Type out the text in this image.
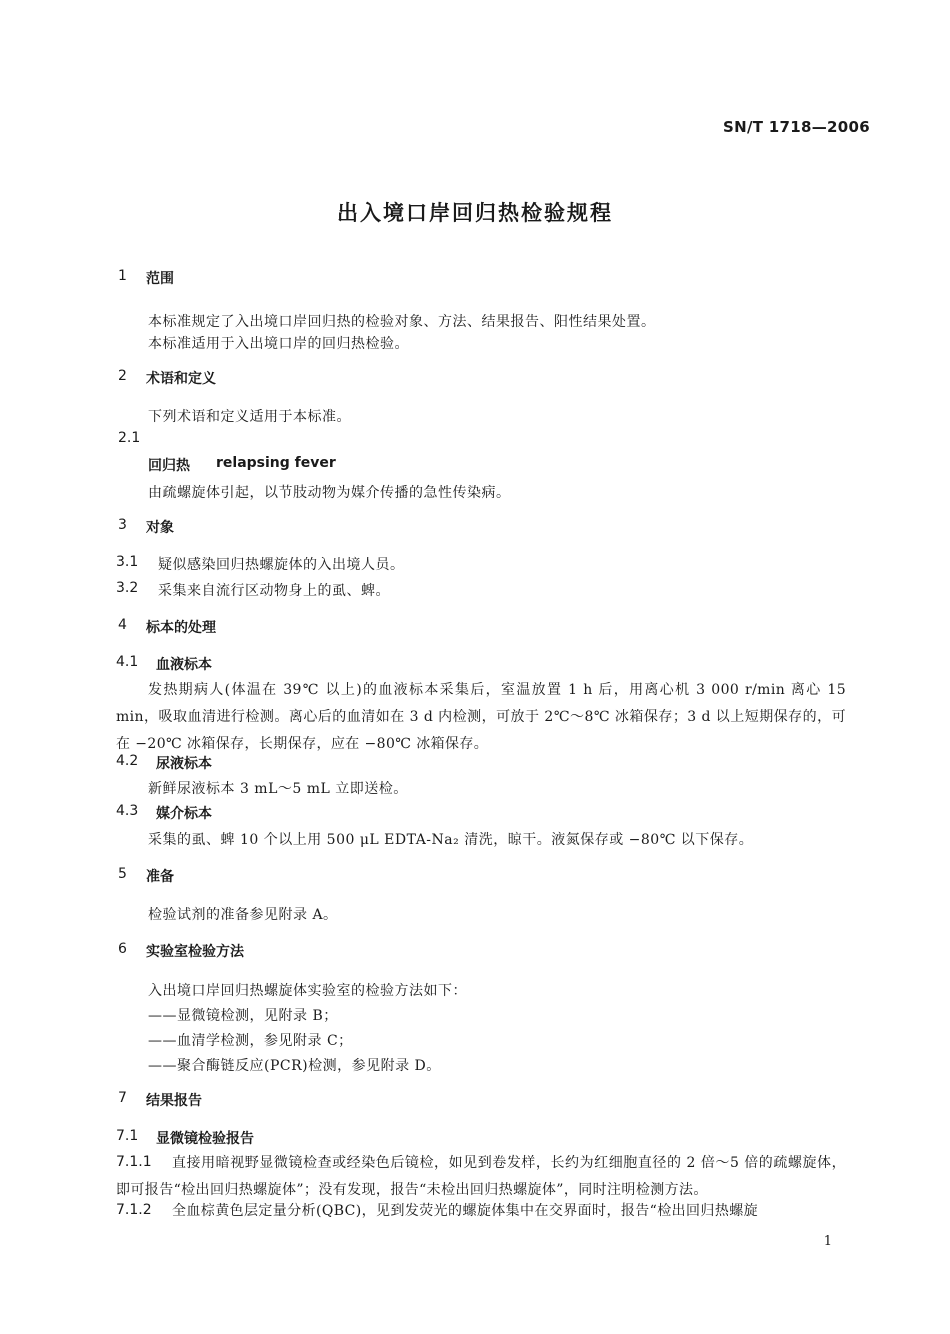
SN/T 1718—2006
出入境口岸回归热检验规程
1 范围
本标准规定了入出境口岸回归热的检验对象、方法、结果报告、阳性结果处置。
本标准适用于入出境口岸的回归热检验。
2 术语和定义
下列术语和定义适用于本标准。
2.1
回归热 relapsing fever
由疏螺旋体引起，以节肢动物为媒介传播的急性传染病。
3 对象
3.1 疑似感染回归热螺旋体的入出境人员。
3.2 采集来自流行区动物身上的虱、蜱。
4 标本的处理
4.1 血液标本
发热期病人(体温在 39℃ 以上)的血液标本采集后，室温放置 1 h 后，用离心机 3 000 r/min 离心 15 min，吸取血清进行检测。离心后的血清如在 3 d 内检测，可放于 2℃～8℃ 冰箱保存；3 d 以上短期保存的，可在 −20℃ 冰箱保存，长期保存，应在 −80℃ 冰箱保存。
4.2 尿液标本
新鲜尿液标本 3 mL～5 mL 立即送检。
4.3 媒介标本
采集的虱、蜱 10 个以上用 500 μL EDTA-Na₂ 清洗，晾干。液氮保存或 −80℃ 以下保存。
5 准备
检验试剂的准备参见附录 A。
6 实验室检验方法
入出境口岸回归热螺旋体实验室的检验方法如下：
——显微镜检测，见附录 B；
——血清学检测，参见附录 C；
——聚合酶链反应(PCR)检测，参见附录 D。
7 结果报告
7.1 显微镜检验报告
7.1.1	直接用暗视野显微镜检查或经染色后镜检，如见到卷发样，长约为红细胞直径的 2 倍～5 倍的疏螺旋体，即可报告“检出回归热螺旋体”；没有发现，报告“未检出回归热螺旋体”，同时注明检测方法。
7.1.2	全血棕黄色层定量分析(QBC)，见到发荧光的螺旋体集中在交界面时，报告“检出回归热螺旋
1
